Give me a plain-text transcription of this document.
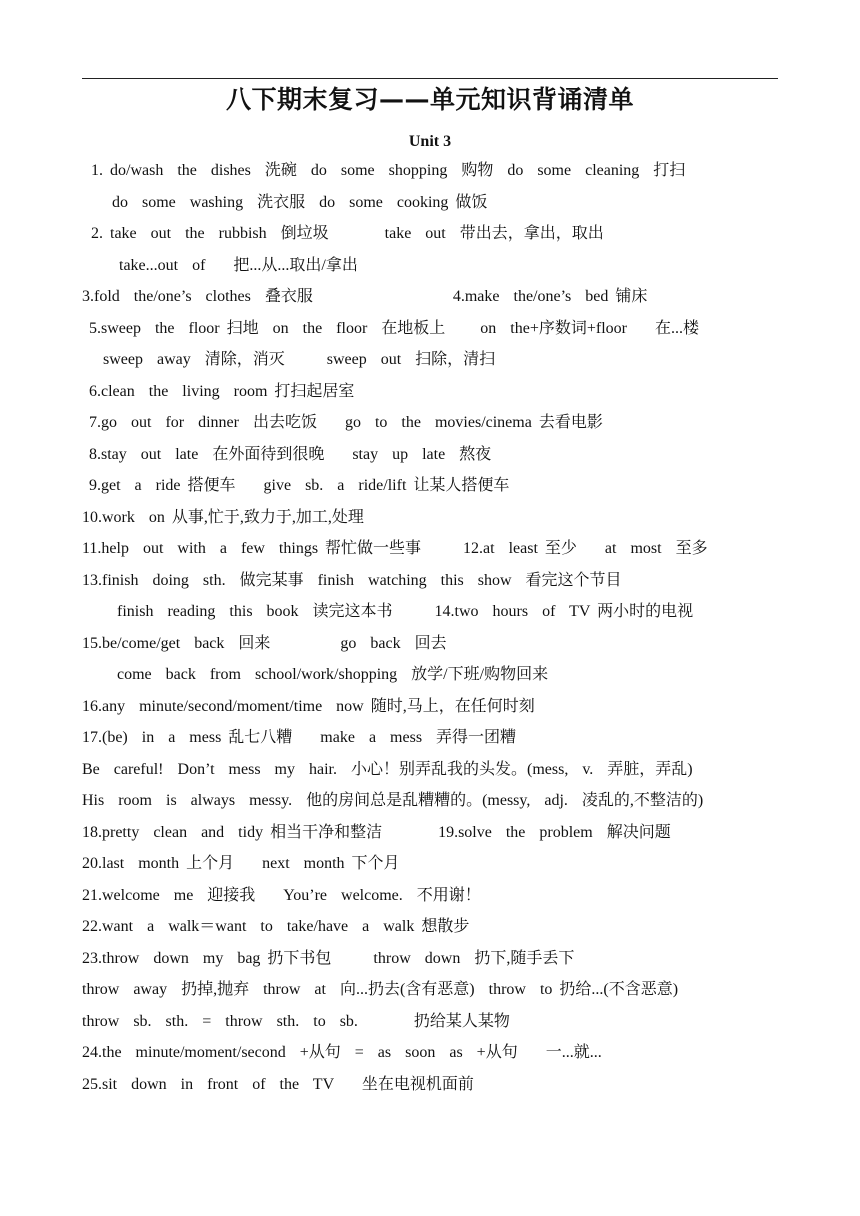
八下期末复习——单元知识背诵清单
Unit 3
1. do/wash  the  dishes  洗碗  do  some  shopping  购物  do  some  cleaning  打扫
do  some  washing  洗衣服  do  some  cooking 做饭
2. take  out  the  rubbish  倒垃圾        take  out  带出去，拿出，取出
take...out  of    把...从...取出/拿出
3.fold  the/one’s  clothes  叠衣服                    4.make  the/one’s  bed 铺床
5.sweep  the  floor 扫地  on  the  floor  在地板上     on  the+序数词+floor    在...楼
sweep  away  清除，消灭      sweep  out  扫除，清扫
6.clean  the  living  room 打扫起居室
7.go  out  for  dinner  出去吃饭    go  to  the  movies/cinema 去看电影
8.stay  out  late  在外面待到很晚    stay  up  late  熬夜
9.get  a  ride 搭便车    give  sb.  a  ride/lift 让某人搭便车
10.work  on 从事,忙于,致力于,加工,处理
11.help  out  with  a  few  things 帮忙做一些事      12.at  least 至少    at  most  至多
13.finish  doing  sth.  做完某事  finish  watching  this  show  看完这个节目
finish  reading  this  book  读完这本书      14.two  hours  of  TV 两小时的电视
15.be/come/get  back  回来          go  back  回去
come  back  from  school/work/shopping  放学/下班/购物回来
16.any  minute/second/moment/time  now 随时,马上，在任何时刻
17.(be)  in  a  mess 乱七八糟    make  a  mess  弄得一团糟
Be  careful!  Don’t  mess  my  hair.  小心！别弄乱我的头发。(mess,  v.  弄脏，弄乱)
His  room  is  always  messy.  他的房间总是乱糟糟的。(messy,  adj.  凌乱的,不整洁的)
18.pretty  clean  and  tidy 相当干净和整洁        19.solve  the  problem  解决问题
20.last  month 上个月    next  month 下个月
21.welcome  me  迎接我    You’re  welcome.  不用谢！
22.want  a  walk＝want  to  take/have  a  walk 想散步
23.throw  down  my  bag 扔下书包      throw  down  扔下,随手丢下
throw  away  扔掉,抛弃  throw  at  向...扔去(含有恶意)  throw  to 扔给...(不含恶意)
throw  sb.  sth.  =  throw  sth.  to  sb.        扔给某人某物
24.the  minute/moment/second  +从句  =  as  soon  as  +从句    一...就...
25.sit  down  in  front  of  the  TV    坐在电视机面前
